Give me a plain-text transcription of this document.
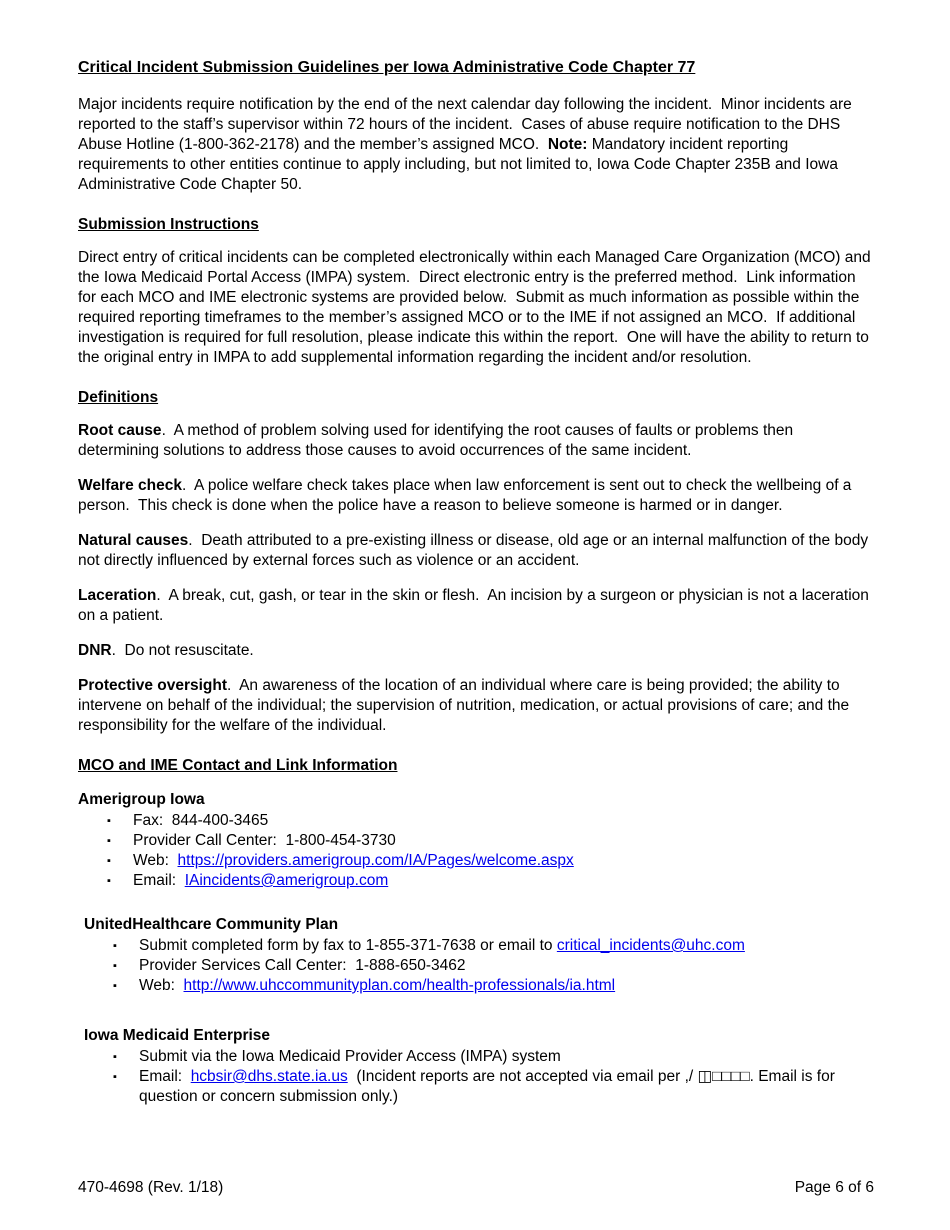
Critical Incident Submission Guidelines per Iowa Administrative Code Chapter 77

Major incidents require notification by the end of the next calendar day following the incident.  Minor incidents are reported to the staff’s supervisor within 72 hours of the incident.  Cases of abuse require notification to the DHS Abuse Hotline (1-800-362-2178) and the member’s assigned MCO.  Note: Mandatory incident reporting requirements to other entities continue to apply including, but not limited to, Iowa Code Chapter 235B and Iowa Administrative Code Chapter 50.

Submission Instructions

Direct entry of critical incidents can be completed electronically within each Managed Care Organization (MCO) and the Iowa Medicaid Portal Access (IMPA) system.  Direct electronic entry is the preferred method.  Link information for each MCO and IME electronic systems are provided below.  Submit as much information as possible within the required reporting timeframes to the member’s assigned MCO or to the IME if not assigned an MCO.  If additional investigation is required for full resolution, please indicate this within the report.  One will have the ability to return to the original entry in IMPA to add supplemental information regarding the incident and/or resolution.

Definitions

Root cause.  A method of problem solving used for identifying the root causes of faults or problems then determining solutions to address those causes to avoid occurrences of the same incident.

Welfare check.  A police welfare check takes place when law enforcement is sent out to check the wellbeing of a person.  This check is done when the police have a reason to believe someone is harmed or in danger.

Natural causes.  Death attributed to a pre-existing illness or disease, old age or an internal malfunction of the body not directly influenced by external forces such as violence or an accident.

Laceration.  A break, cut, gash, or tear in the skin or flesh.  An incision by a surgeon or physician is not a laceration on a patient.

DNR.  Do not resuscitate.

Protective oversight.  An awareness of the location of an individual where care is being provided; the ability to intervene on behalf of the individual; the supervision of nutrition, medication, or actual provisions of care; and the responsibility for the welfare of the individual.

MCO and IME Contact and Link Information
Amerigroup Iowa
▪	Fax:  844-400-3465
▪	Provider Call Center:  1-800-454-3730
▪	Web:  https://providers.amerigroup.com/IA/Pages/welcome.aspx
▪	Email:  IAincidents@amerigroup.com
UnitedHealthcare Community Plan
▪	Submit completed form by fax to 1-855-371-7638 or email to critical_incidents@uhc.com
▪	Provider Services Call Center:  1-888-650-3462
▪	Web:  http://www.uhccommunityplan.com/health-professionals/ia.html
Iowa Medicaid Enterprise
▪	Submit via the Iowa Medicaid Provider Access (IMPA) system
▪	Email:  hcbsir@dhs.state.ia.us  (Incident reports are not accepted via email per ,/ ◫□□□□. Email is for question or concern submission only.)
470-4698 (Rev. 1/18)	Page 6 of 6
